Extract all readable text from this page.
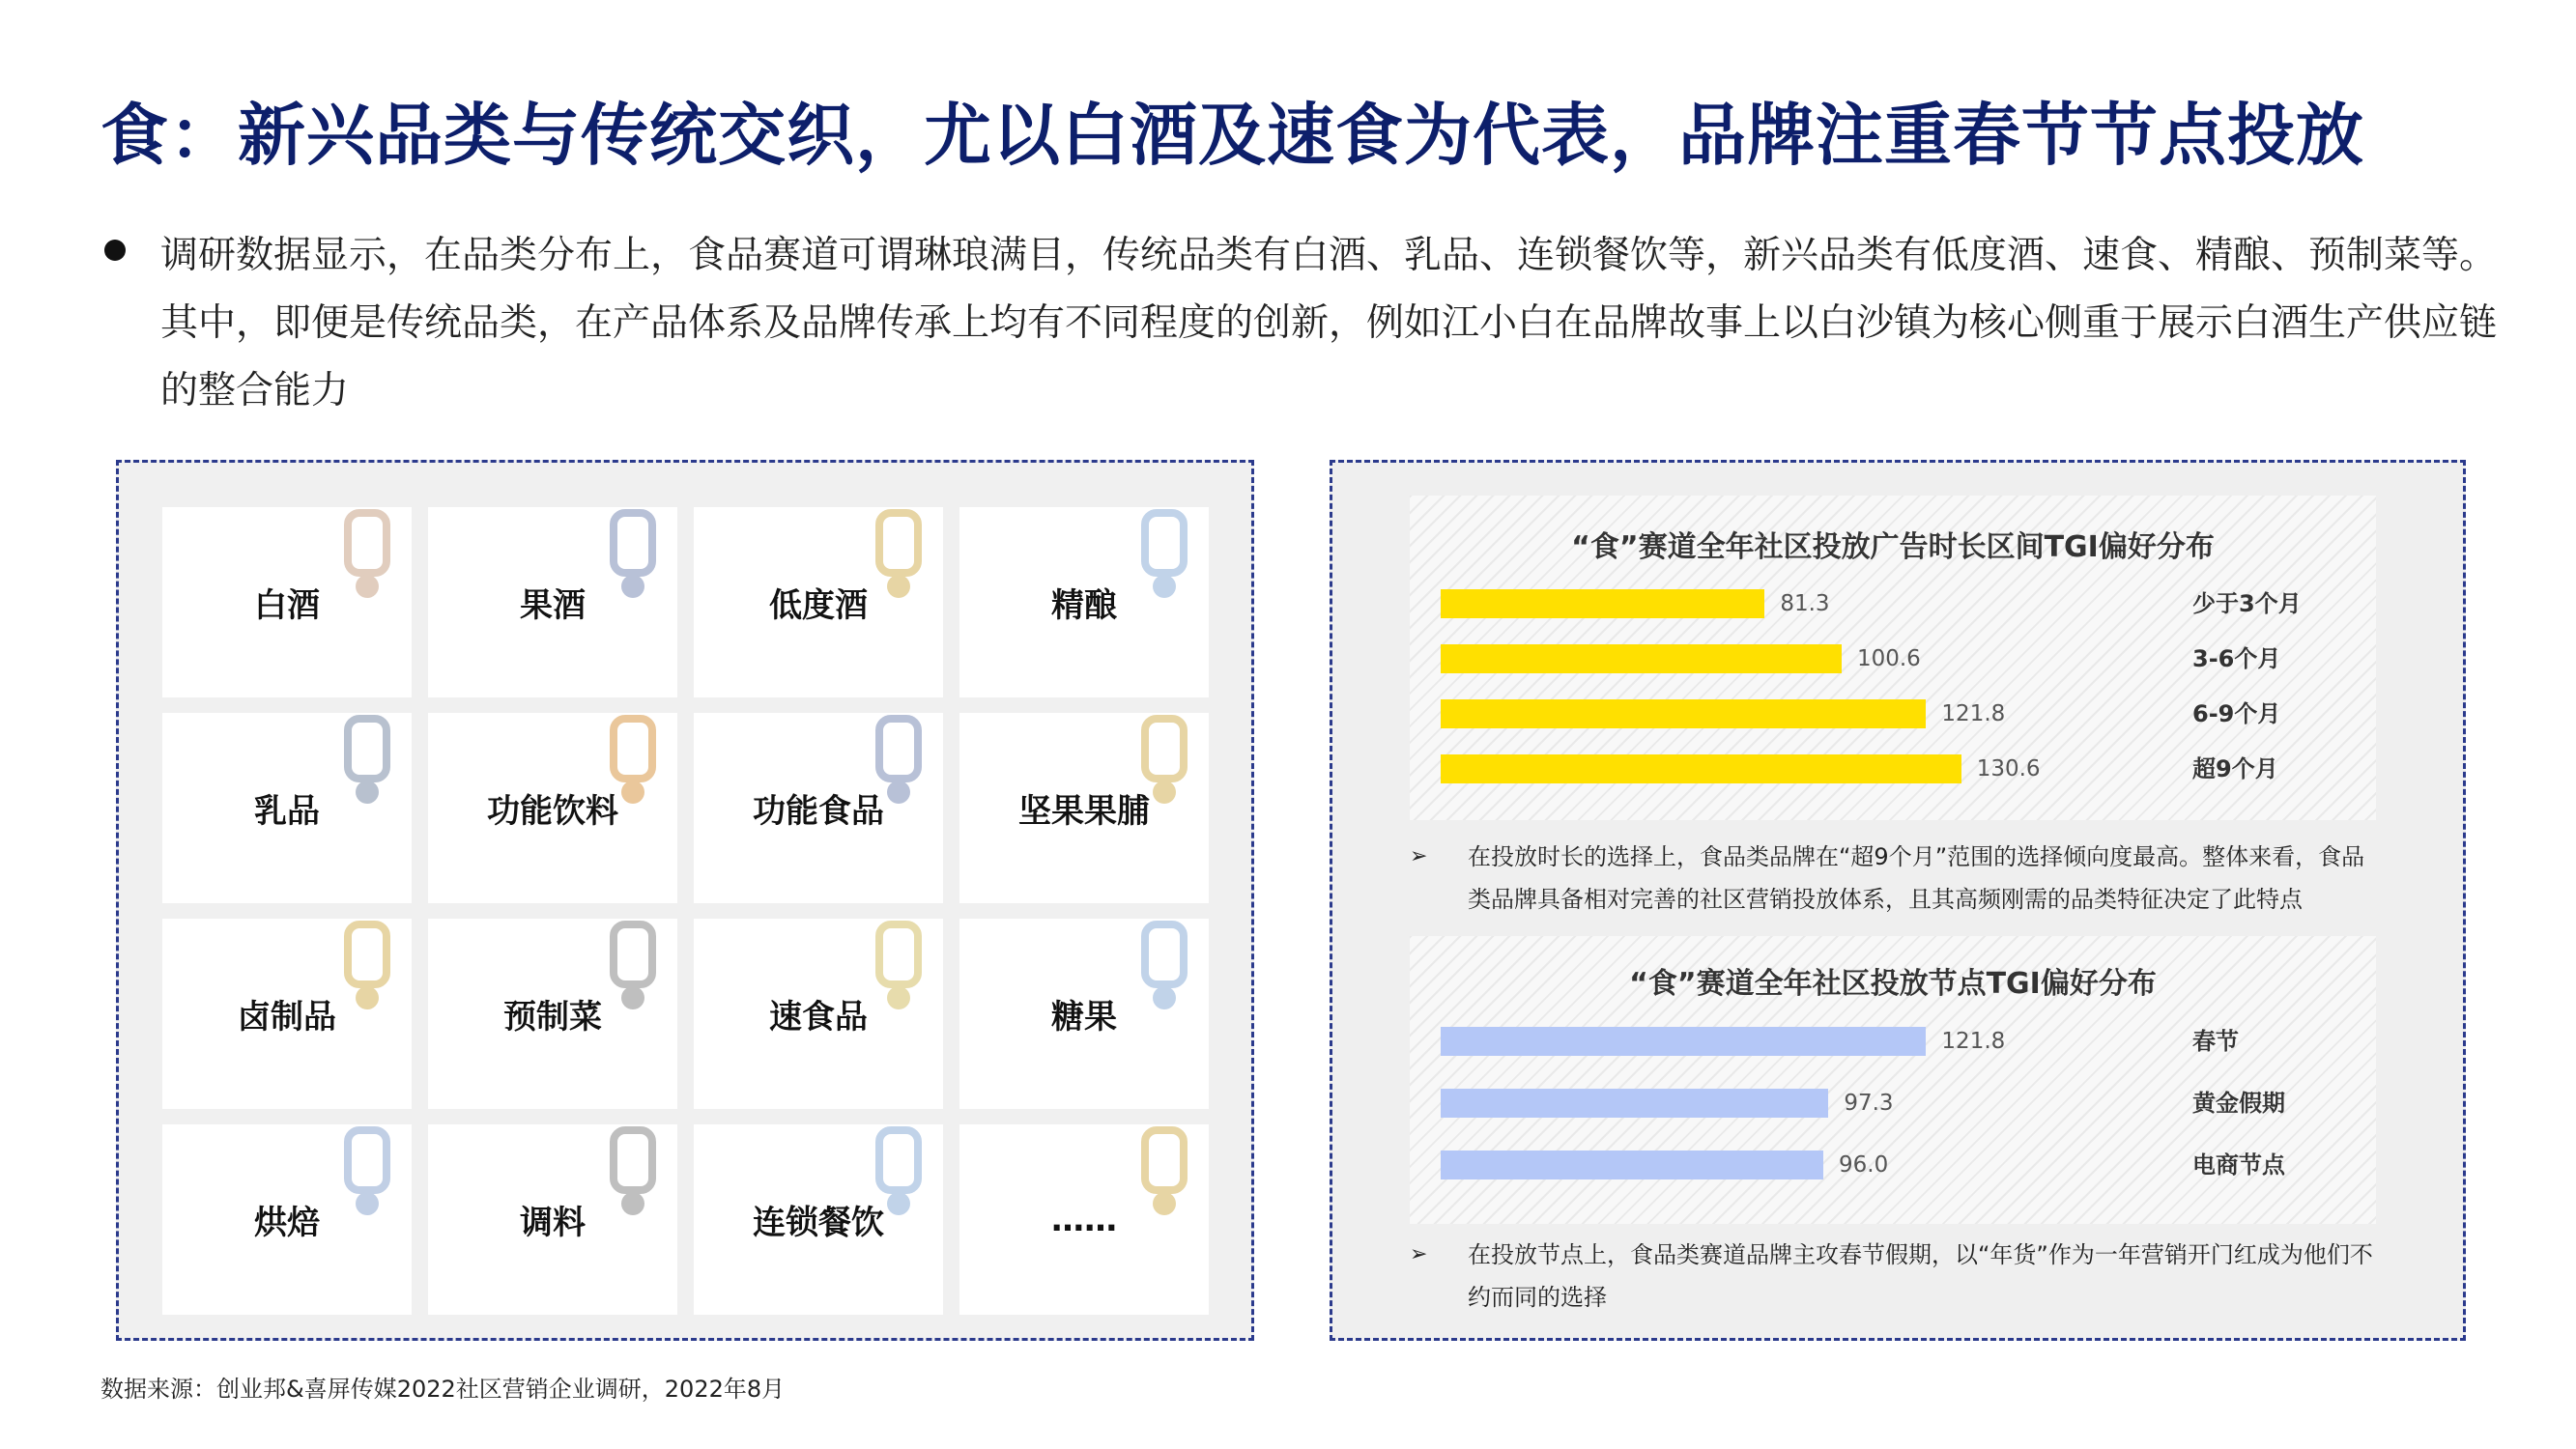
食：新兴品类与传统交织，尤以白酒及速食为代表，品牌注重春节节点投放
调研数据显示，在品类分布上，食品赛道可谓琳琅满目，传统品类有白酒、乳品、连锁餐饮等，新兴品类有低度酒、速食、精酿、预制菜等。其中，即便是传统品类，在产品体系及品牌传承上均有不同程度的创新，例如江小白在品牌故事上以白沙镇为核心侧重于展示白酒生产供应链的整合能力
白酒	果酒	低度酒	精酿
乳品	功能饮料	功能食品	坚果果脯
卤制品	预制菜	速食品	糖果
烘焙	调料	连锁餐饮	……
“食”赛道全年社区投放广告时长区间TGI偏好分布
81.3	少于3个月
100.6	3-6个月
121.8	6-9个月
130.6	超9个月
➢ 在投放时长的选择上，食品类品牌在“超9个月”范围的选择倾向度最高。整体来看，食品类品牌具备相对完善的社区营销投放体系，且其高频刚需的品类特征决定了此特点
“食”赛道全年社区投放节点TGI偏好分布
121.8	春节
97.3	黄金假期
96.0	电商节点
➢ 在投放节点上，食品类赛道品牌主攻春节假期，以“年货”作为一年营销开门红成为他们不约而同的选择
数据来源：创业邦&喜屏传媒2022社区营销企业调研，2022年8月
